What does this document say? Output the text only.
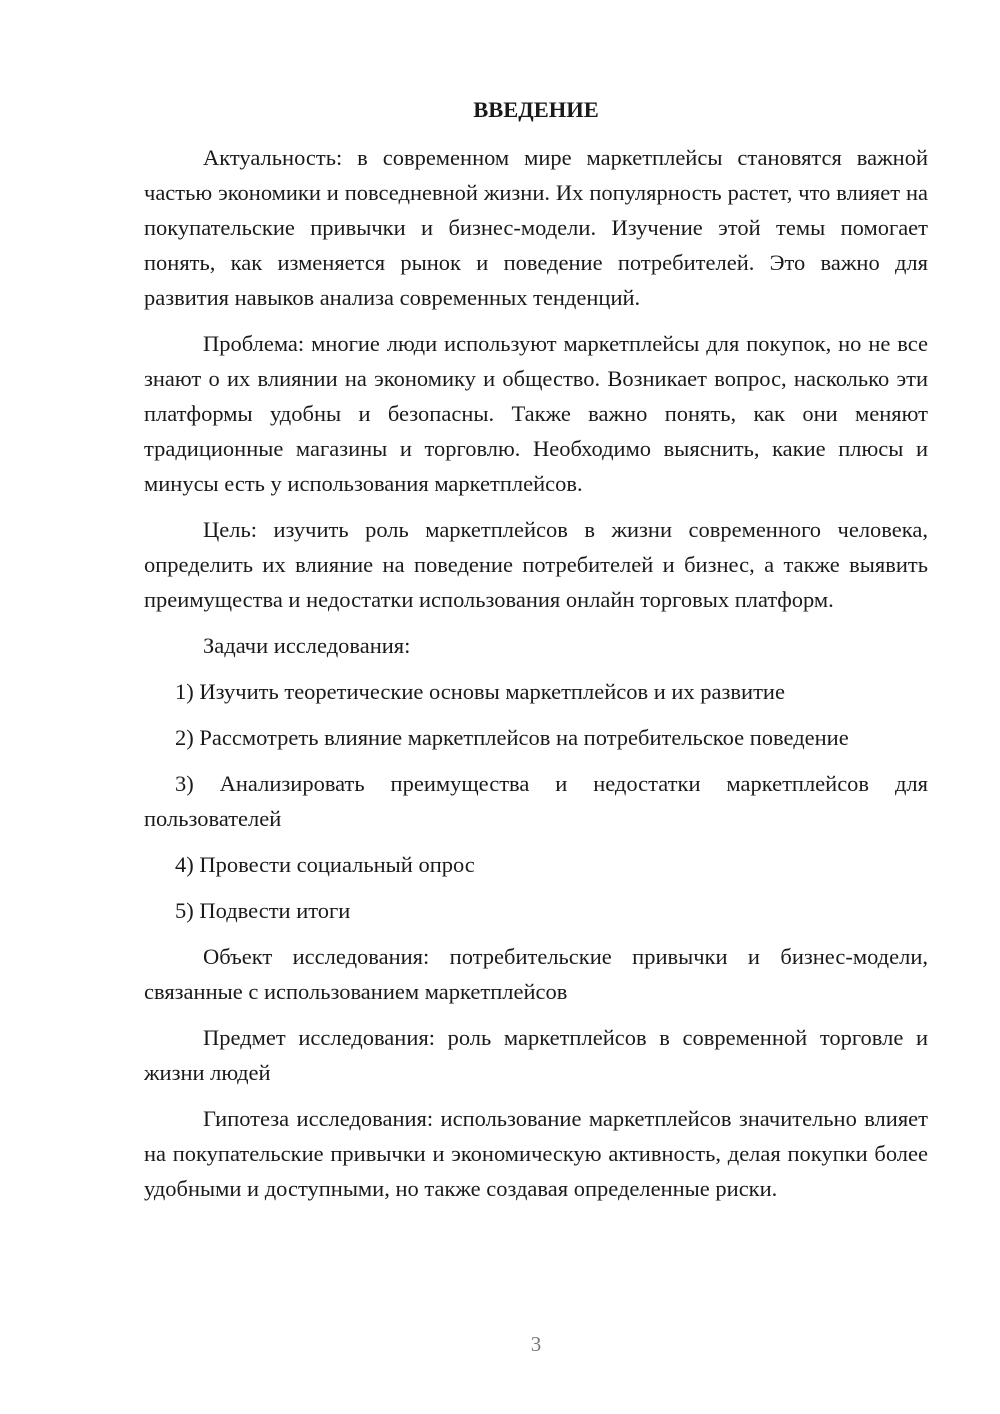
ВВЕДЕНИЕ

Актуальность: в современном мире маркетплейсы становятся важной частью экономики и повседневной жизни. Их популярность растет, что влияет на покупательские привычки и бизнес-модели. Изучение этой темы помогает понять, как изменяется рынок и поведение потребителей. Это важно для развития навыков анализа современных тенденций.

Проблема: многие люди используют маркетплейсы для покупок, но не все знают о их влиянии на экономику и общество. Возникает вопрос, насколько эти платформы удобны и безопасны. Также важно понять, как они меняют традиционные магазины и торговлю. Необходимо выяснить, какие плюсы и минусы есть у использования маркетплейсов.

Цель: изучить роль маркетплейсов в жизни современного человека, определить их влияние на поведение потребителей и бизнес, а также выявить преимущества и недостатки использования онлайн торговых платформ.

Задачи исследования:

1) Изучить теоретические основы маркетплейсов и их развитие

2) Рассмотреть влияние маркетплейсов на потребительское поведение

3) Анализировать преимущества и недостатки маркетплейсов для пользователей

4) Провести социальный опрос

5) Подвести итоги

Объект исследования: потребительские привычки и бизнес-модели, связанные с использованием маркетплейсов

Предмет исследования: роль маркетплейсов в современной торговле и жизни людей

Гипотеза исследования: использование маркетплейсов значительно влияет на покупательские привычки и экономическую активность, делая покупки более удобными и доступными, но также создавая определенные риски.

3
